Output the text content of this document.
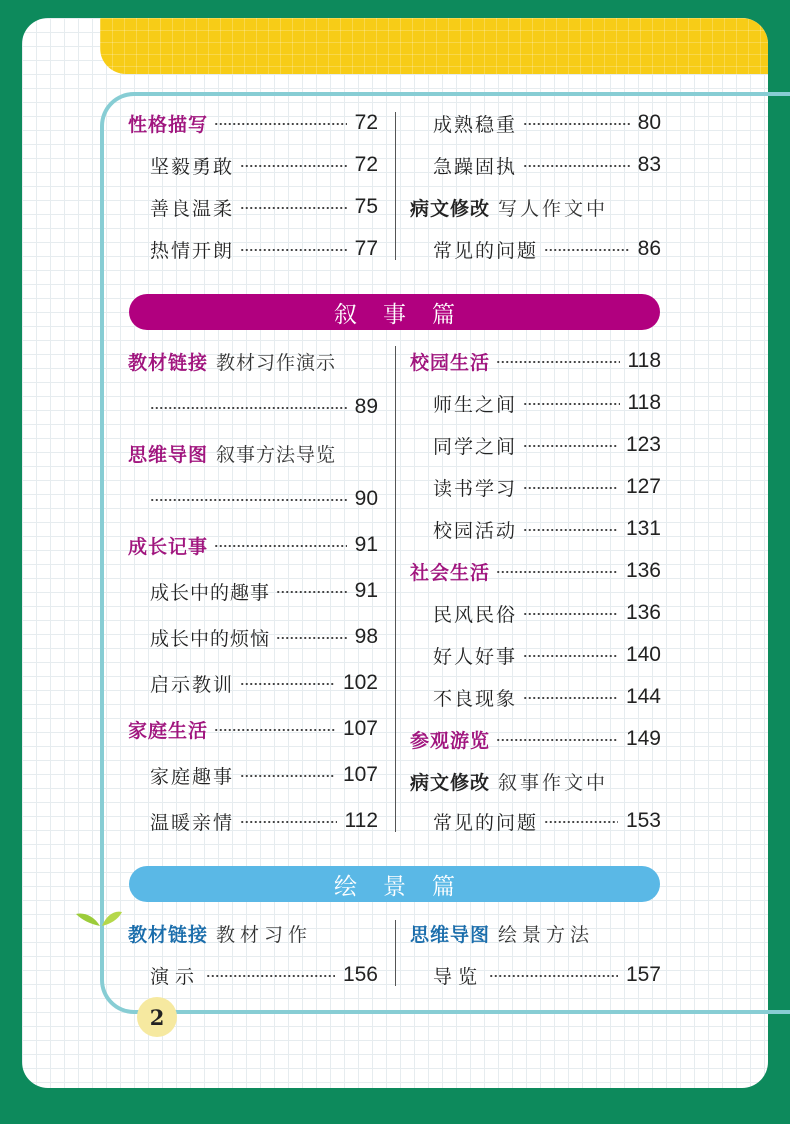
2
性格描写	72
坚毅勇敢	72
善良温柔	75
热情开朗	77
成熟稳重	80
急躁固执	83
病文修改 写人作文中
常见的问题	86
叙事篇
教材链接 教材习作演示
89
思维导图 叙事方法导览
90
成长记事	91
成长中的趣事	91
成长中的烦恼	98
启示教训	102
家庭生活	107
家庭趣事	107
温暖亲情	112
校园生活	118
师生之间	118
同学之间	123
读书学习	127
校园活动	131
社会生活	136
民风民俗	136
好人好事	140
不良现象	144
参观游览	149
病文修改 叙事作文中
常见的问题	153
绘景篇
教材链接 教材习作
演示	156
思维导图 绘景方法
导览	157
